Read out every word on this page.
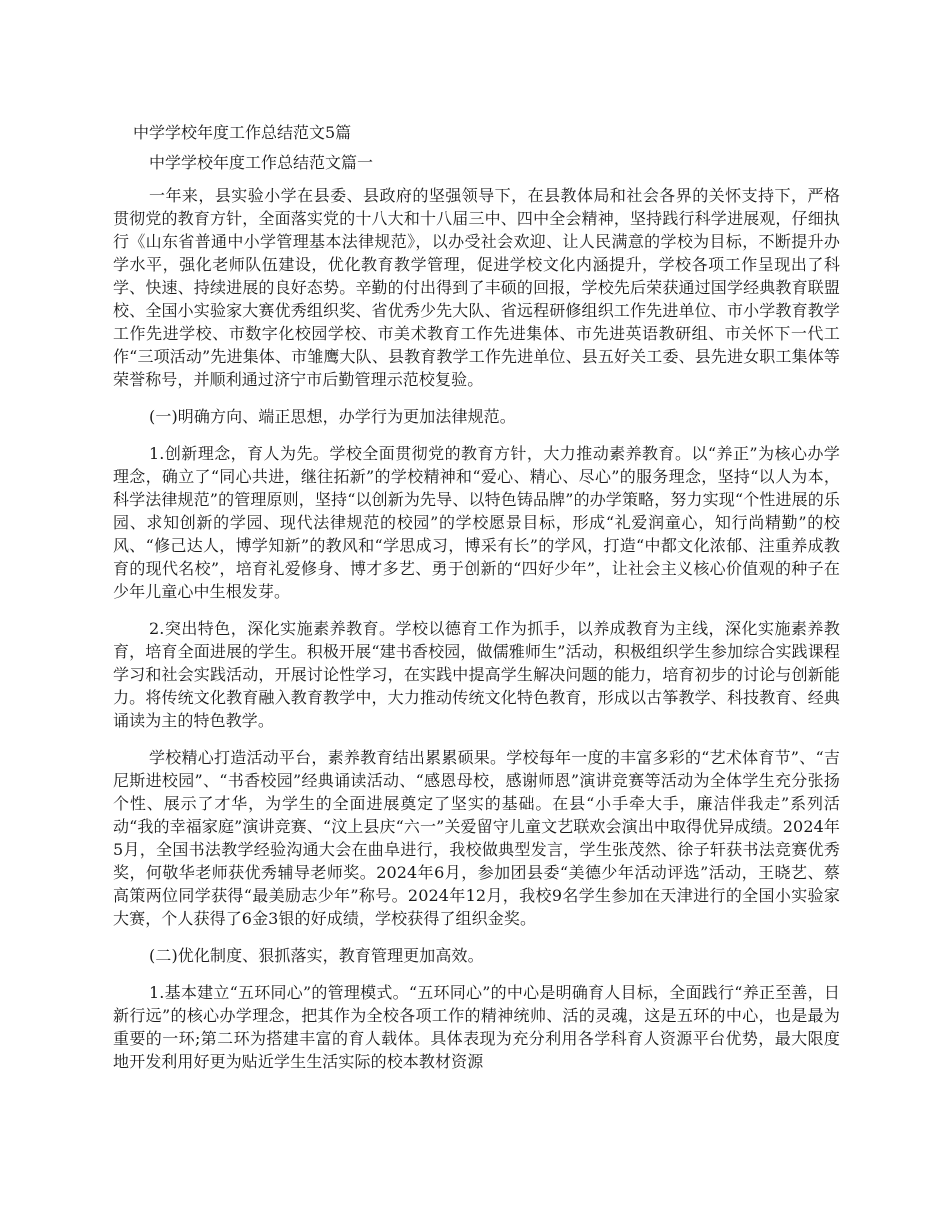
中学学校年度工作总结范文5篇
中学学校年度工作总结范文篇一

一年来，县实验小学在县委、县政府的坚强领导下，在县教体局和社会各界的关怀支持下，严格贯彻党的教育方针，全面落实党的十八大和十八届三中、四中全会精神，坚持践行科学进展观，仔细执行《山东省普通中小学管理基本法律规范》，以办受社会欢迎、让人民满意的学校为目标，不断提升办学水平，强化老师队伍建设，优化教育教学管理，促进学校文化内涵提升，学校各项工作呈现出了科学、快速、持续进展的良好态势。辛勤的付出得到了丰硕的回报，学校先后荣获通过国学经典教育联盟校、全国小实验家大赛优秀组织奖、省优秀少先大队、省远程研修组织工作先进单位、市小学教育教学工作先进学校、市数字化校园学校、市美术教育工作先进集体、市先进英语教研组、市关怀下一代工作“三项活动”先进集体、市雏鹰大队、县教育教学工作先进单位、县五好关工委、县先进女职工集体等荣誉称号，并顺利通过济宁市后勤管理示范校复验。

(一)明确方向、端正思想，办学行为更加法律规范。

1.创新理念，育人为先。学校全面贯彻党的教育方针，大力推动素养教育。以“养正”为核心办学理念，确立了“同心共进，继往拓新”的学校精神和“爱心、精心、尽心”的服务理念，坚持“以人为本，科学法律规范”的管理原则，坚持“以创新为先导、以特色铸品牌”的办学策略，努力实现“个性进展的乐园、求知创新的学园、现代法律规范的校园”的学校愿景目标，形成“礼爱润童心，知行尚精勤”的校风、“修己达人，博学知新”的教风和“学思成习，博采有长”的学风，打造“中都文化浓郁、注重养成教育的现代名校”，培育礼爱修身、博才多艺、勇于创新的“四好少年”，让社会主义核心价值观的种子在少年儿童心中生根发芽。

2.突出特色，深化实施素养教育。学校以德育工作为抓手，以养成教育为主线，深化实施素养教育，培育全面进展的学生。积极开展“建书香校园，做儒雅师生”活动，积极组织学生参加综合实践课程学习和社会实践活动，开展讨论性学习，在实践中提高学生解决问题的能力，培育初步的讨论与创新能力。将传统文化教育融入教育教学中，大力推动传统文化特色教育，形成以古筝教学、科技教育、经典诵读为主的特色教学。

学校精心打造活动平台，素养教育结出累累硕果。学校每年一度的丰富多彩的“艺术体育节”、“吉尼斯进校园”、“书香校园”经典诵读活动、“感恩母校，感谢师恩”演讲竞赛等活动为全体学生充分张扬个性、展示了才华，为学生的全面进展奠定了坚实的基础。在县“小手牵大手，廉洁伴我走”系列活动“我的幸福家庭”演讲竞赛、“汶上县庆“六一”关爱留守儿童文艺联欢会演出中取得优异成绩。2024年5月，全国书法教学经验沟通大会在曲阜进行，我校做典型发言，学生张茂然、徐子轩获书法竞赛优秀奖，何敬华老师获优秀辅导老师奖。2024年6月，参加团县委“美德少年活动评选”活动，王晓艺、蔡高策两位同学获得“最美励志少年”称号。2024年12月，我校9名学生参加在天津进行的全国小实验家大赛，个人获得了6金3银的好成绩，学校获得了组织金奖。

(二)优化制度、狠抓落实，教育管理更加高效。

1.基本建立“五环同心”的管理模式。“五环同心”的中心是明确育人目标，全面践行“养正至善，日新行远”的核心办学理念，把其作为全校各项工作的精神统帅、活的灵魂，这是五环的中心，也是最为重要的一环;第二环为搭建丰富的育人载体。具体表现为充分利用各学科育人资源平台优势，最大限度地开发利用好更为贴近学生生活实际的校本教材资源
